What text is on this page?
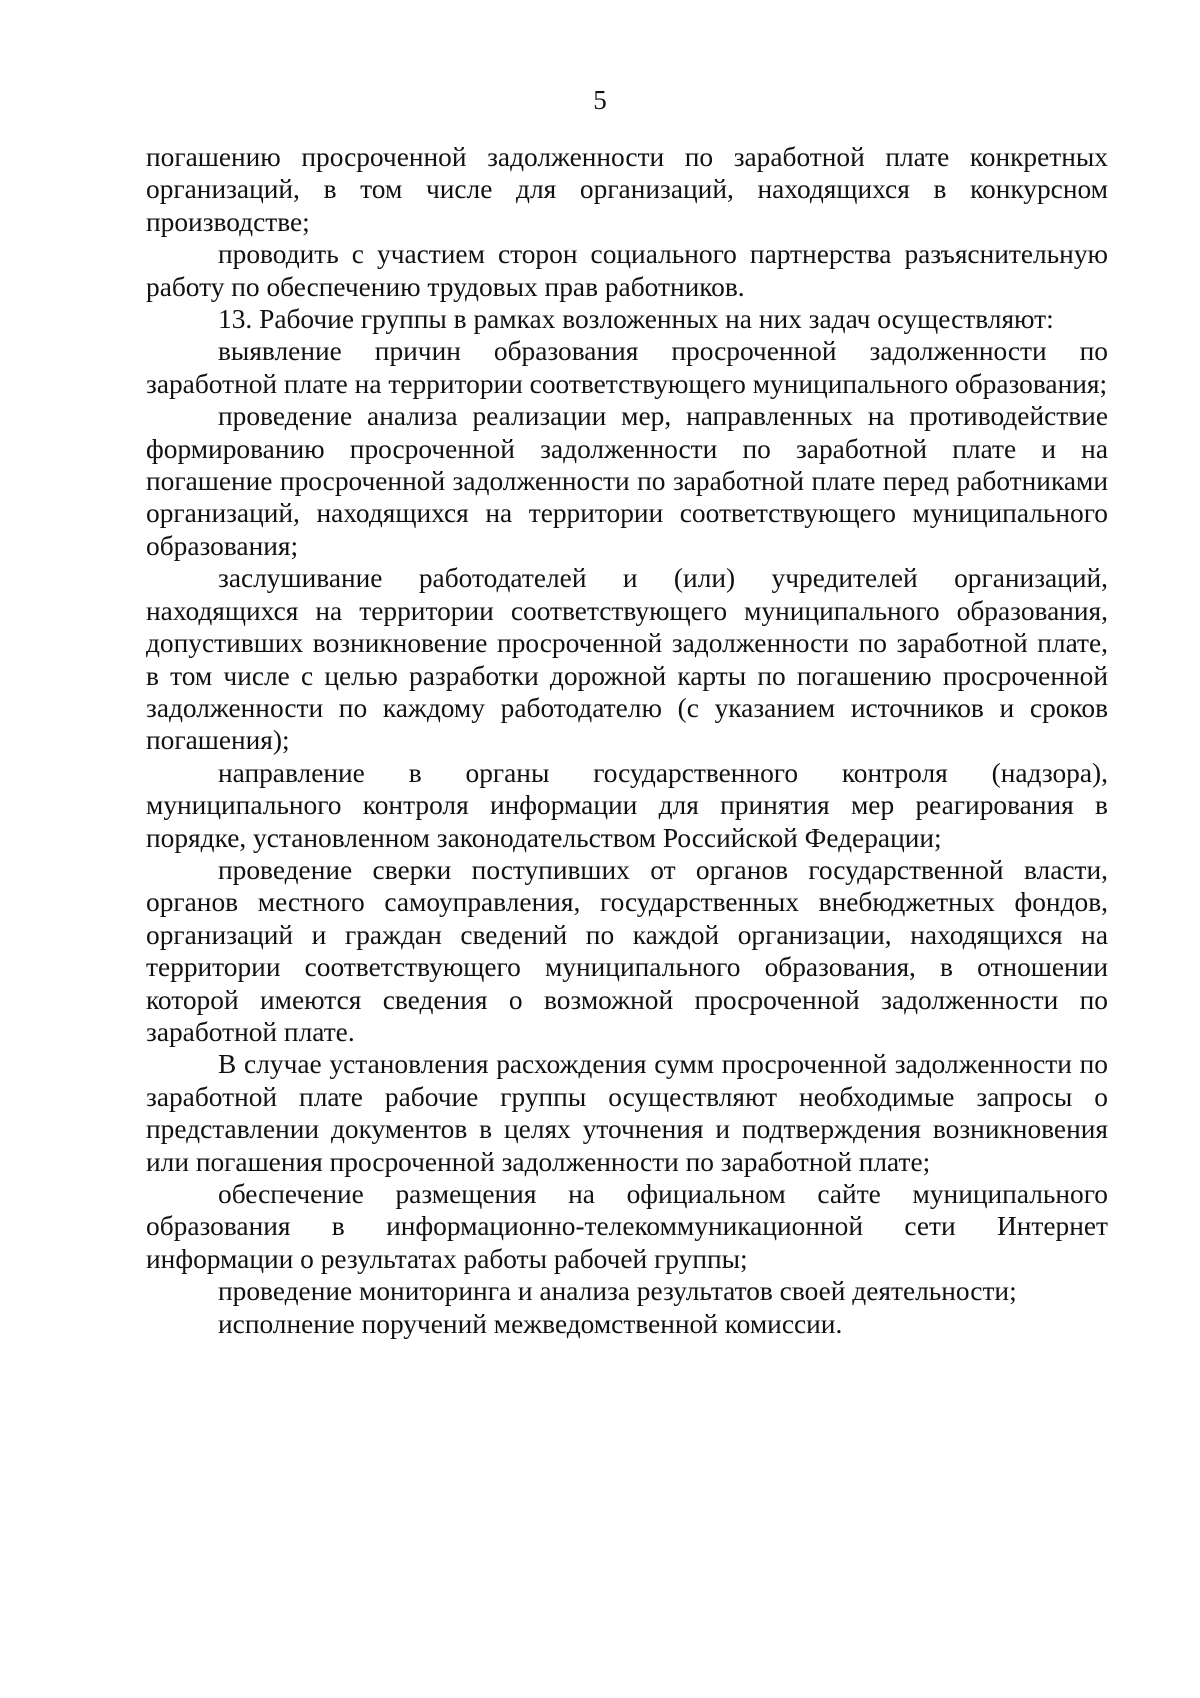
5

погашению просроченной задолженности по заработной плате конкретных организаций, в том числе для организаций, находящихся в конкурсном производстве;

проводить с участием сторон социального партнерства разъяснительную работу по обеспечению трудовых прав работников.

13. Рабочие группы в рамках возложенных на них задач осуществляют:

выявление причин образования просроченной задолженности по заработной плате на территории соответствующего муниципального образования;

проведение анализа реализации мер, направленных на противодействие формированию просроченной задолженности по заработной плате и на погашение просроченной задолженности по заработной плате перед работниками организаций, находящихся на территории соответствующего муниципального образования;

заслушивание работодателей и (или) учредителей организаций, находящихся на территории соответствующего муниципального образования, допустивших возникновение просроченной задолженности по заработной плате, в том числе с целью разработки дорожной карты по погашению просроченной задолженности по каждому работодателю (с указанием источников и сроков погашения);

направление в органы государственного контроля (надзора), муниципального контроля информации для принятия мер реагирования в порядке, установленном законодательством Российской Федерации;

проведение сверки поступивших от органов государственной власти, органов местного самоуправления, государственных внебюджетных фондов, организаций и граждан сведений по каждой организации, находящихся на территории соответствующего муниципального образования, в отношении которой имеются сведения о возможной просроченной задолженности по заработной плате.

В случае установления расхождения сумм просроченной задолженности по заработной плате рабочие группы осуществляют необходимые запросы о представлении документов в целях уточнения и подтверждения возникновения или погашения просроченной задолженности по заработной плате;

обеспечение размещения на официальном сайте муниципального образования в информационно-телекоммуникационной сети Интернет информации о результатах работы рабочей группы;

проведение мониторинга и анализа результатов своей деятельности;

исполнение поручений межведомственной комиссии.
